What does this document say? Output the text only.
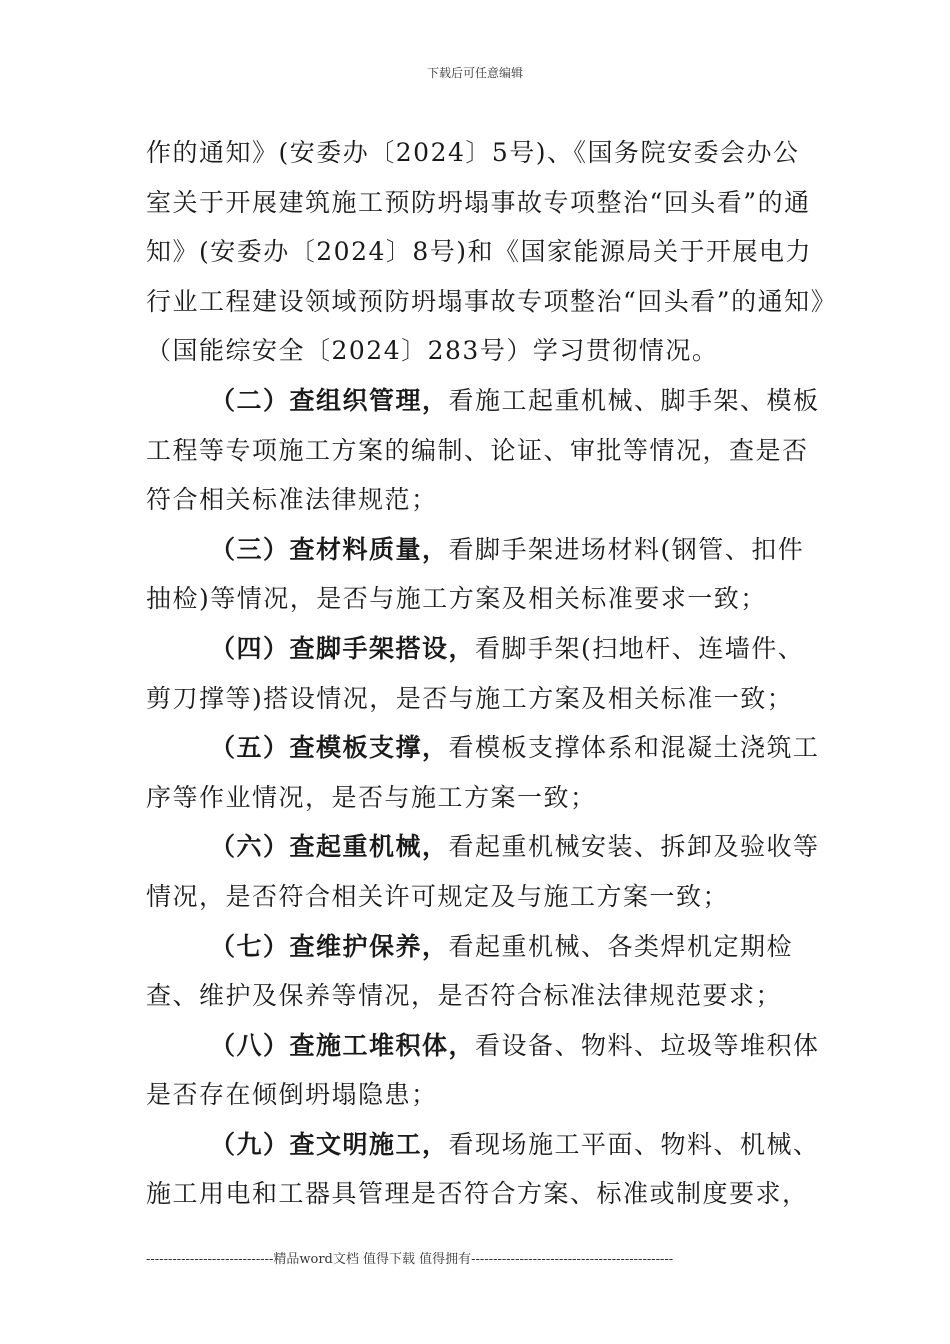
下载后可任意编辑

作的通知》(安委办〔2024〕5号)、《国务院安委会办公室关于开展建筑施工预防坍塌事故专项整治“回头看”的通知》(安委办〔2024〕8号)和《国家能源局关于开展电力行业工程建设领域预防坍塌事故专项整治“回头看”的通知》（国能综安全〔2024〕283号）学习贯彻情况。

（二）查组织管理，看施工起重机械、脚手架、模板工程等专项施工方案的编制、论证、审批等情况，查是否符合相关标准法律规范；

（三）查材料质量，看脚手架进场材料(钢管、扣件抽检)等情况，是否与施工方案及相关标准要求一致；

（四）查脚手架搭设，看脚手架(扫地杆、连墙件、剪刀撑等)搭设情况，是否与施工方案及相关标准一致；

（五）查模板支撑，看模板支撑体系和混凝土浇筑工序等作业情况，是否与施工方案一致；

（六）查起重机械，看起重机械安装、拆卸及验收等情况，是否符合相关许可规定及与施工方案一致；

（七）查维护保养，看起重机械、各类焊机定期检查、维护及保养等情况，是否符合标准法律规范要求；

（八）查施工堆积体，看设备、物料、垃圾等堆积体是否存在倾倒坍塌隐患；

（九）查文明施工，看现场施工平面、物料、机械、施工用电和工器具管理是否符合方案、标准或制度要求，

-----------------------------精品word文档 值得下载 值得拥有----------------------------------------------
